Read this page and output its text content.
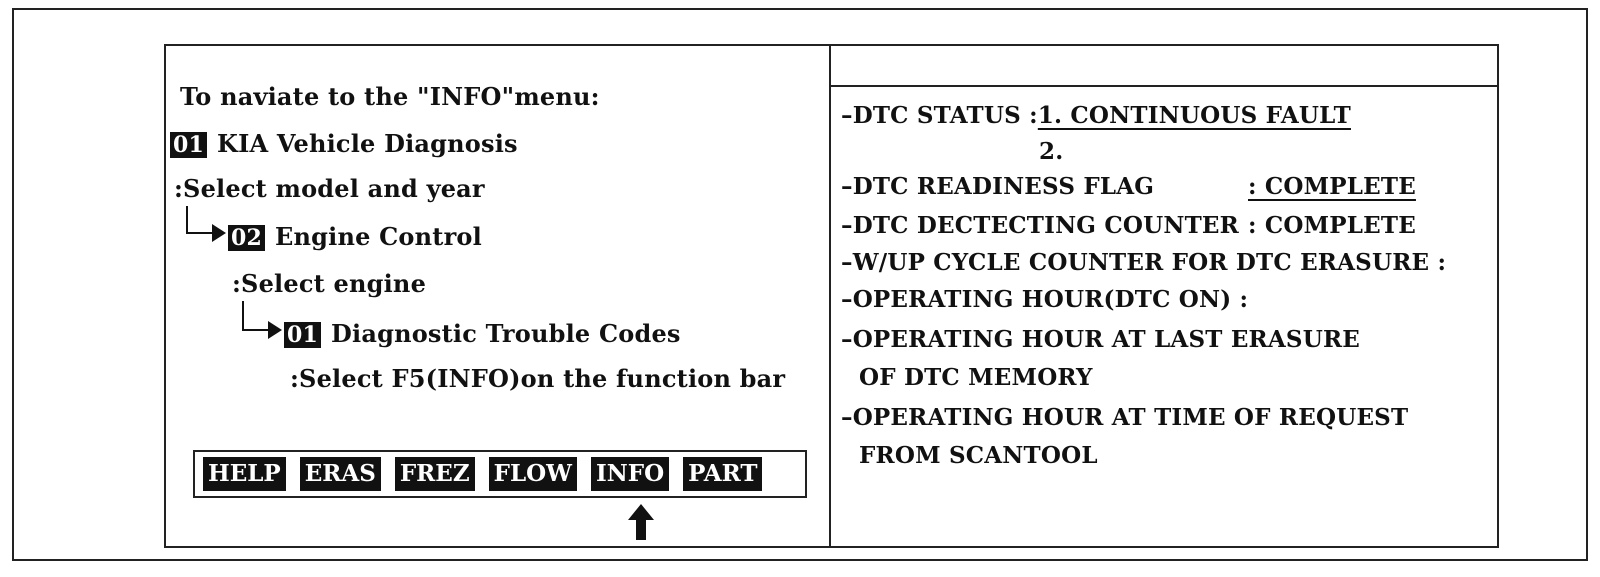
To naviate to the "INFO"menu:
01 KIA Vehicle Diagnosis
:Select model and year
02 Engine Control
:Select engine
01 Diagnostic Trouble Codes
:Select F5(INFO)on the function bar
HELP ERAS FREZ FLOW INFO PART
–DTC STATUS :1. CONTINUOUS FAULT
2.
–DTC READINESS FLAG	: COMPLETE
–DTC DECTECTING COUNTER : COMPLETE
–W/UP CYCLE COUNTER FOR DTC ERASURE :
–OPERATING HOUR(DTC ON) :
–OPERATING HOUR AT LAST ERASURE
OF DTC MEMORY
–OPERATING HOUR AT TIME OF REQUEST
FROM SCANTOOL
